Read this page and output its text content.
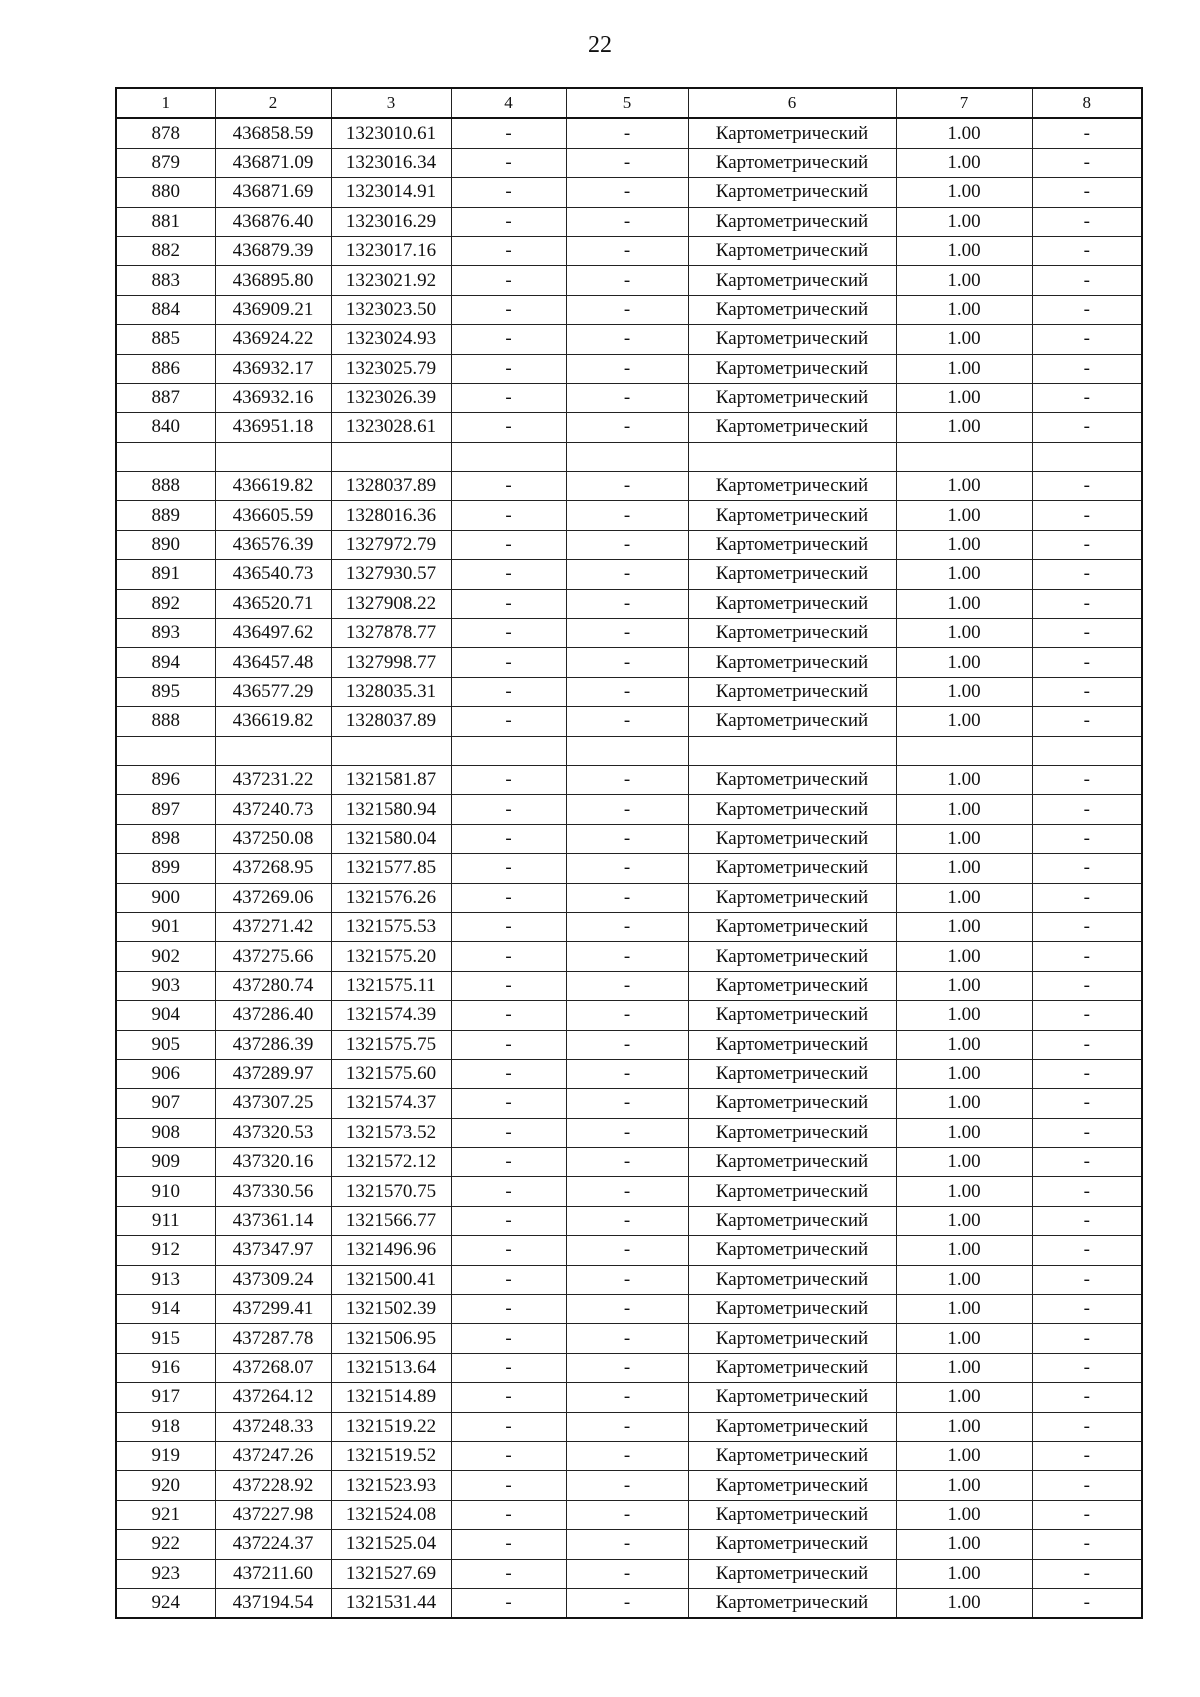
22
1	2	3	4	5	6	7	8
878	436858.59	1323010.61	-	-	Картометрический	1.00	-
879	436871.09	1323016.34	-	-	Картометрический	1.00	-
880	436871.69	1323014.91	-	-	Картометрический	1.00	-
881	436876.40	1323016.29	-	-	Картометрический	1.00	-
882	436879.39	1323017.16	-	-	Картометрический	1.00	-
883	436895.80	1323021.92	-	-	Картометрический	1.00	-
884	436909.21	1323023.50	-	-	Картометрический	1.00	-
885	436924.22	1323024.93	-	-	Картометрический	1.00	-
886	436932.17	1323025.79	-	-	Картометрический	1.00	-
887	436932.16	1323026.39	-	-	Картометрический	1.00	-
840	436951.18	1323028.61	-	-	Картометрический	1.00	-

888	436619.82	1328037.89	-	-	Картометрический	1.00	-
889	436605.59	1328016.36	-	-	Картометрический	1.00	-
890	436576.39	1327972.79	-	-	Картометрический	1.00	-
891	436540.73	1327930.57	-	-	Картометрический	1.00	-
892	436520.71	1327908.22	-	-	Картометрический	1.00	-
893	436497.62	1327878.77	-	-	Картометрический	1.00	-
894	436457.48	1327998.77	-	-	Картометрический	1.00	-
895	436577.29	1328035.31	-	-	Картометрический	1.00	-
888	436619.82	1328037.89	-	-	Картометрический	1.00	-

896	437231.22	1321581.87	-	-	Картометрический	1.00	-
897	437240.73	1321580.94	-	-	Картометрический	1.00	-
898	437250.08	1321580.04	-	-	Картометрический	1.00	-
899	437268.95	1321577.85	-	-	Картометрический	1.00	-
900	437269.06	1321576.26	-	-	Картометрический	1.00	-
901	437271.42	1321575.53	-	-	Картометрический	1.00	-
902	437275.66	1321575.20	-	-	Картометрический	1.00	-
903	437280.74	1321575.11	-	-	Картометрический	1.00	-
904	437286.40	1321574.39	-	-	Картометрический	1.00	-
905	437286.39	1321575.75	-	-	Картометрический	1.00	-
906	437289.97	1321575.60	-	-	Картометрический	1.00	-
907	437307.25	1321574.37	-	-	Картометрический	1.00	-
908	437320.53	1321573.52	-	-	Картометрический	1.00	-
909	437320.16	1321572.12	-	-	Картометрический	1.00	-
910	437330.56	1321570.75	-	-	Картометрический	1.00	-
911	437361.14	1321566.77	-	-	Картометрический	1.00	-
912	437347.97	1321496.96	-	-	Картометрический	1.00	-
913	437309.24	1321500.41	-	-	Картометрический	1.00	-
914	437299.41	1321502.39	-	-	Картометрический	1.00	-
915	437287.78	1321506.95	-	-	Картометрический	1.00	-
916	437268.07	1321513.64	-	-	Картометрический	1.00	-
917	437264.12	1321514.89	-	-	Картометрический	1.00	-
918	437248.33	1321519.22	-	-	Картометрический	1.00	-
919	437247.26	1321519.52	-	-	Картометрический	1.00	-
920	437228.92	1321523.93	-	-	Картометрический	1.00	-
921	437227.98	1321524.08	-	-	Картометрический	1.00	-
922	437224.37	1321525.04	-	-	Картометрический	1.00	-
923	437211.60	1321527.69	-	-	Картометрический	1.00	-
924	437194.54	1321531.44	-	-	Картометрический	1.00	-
